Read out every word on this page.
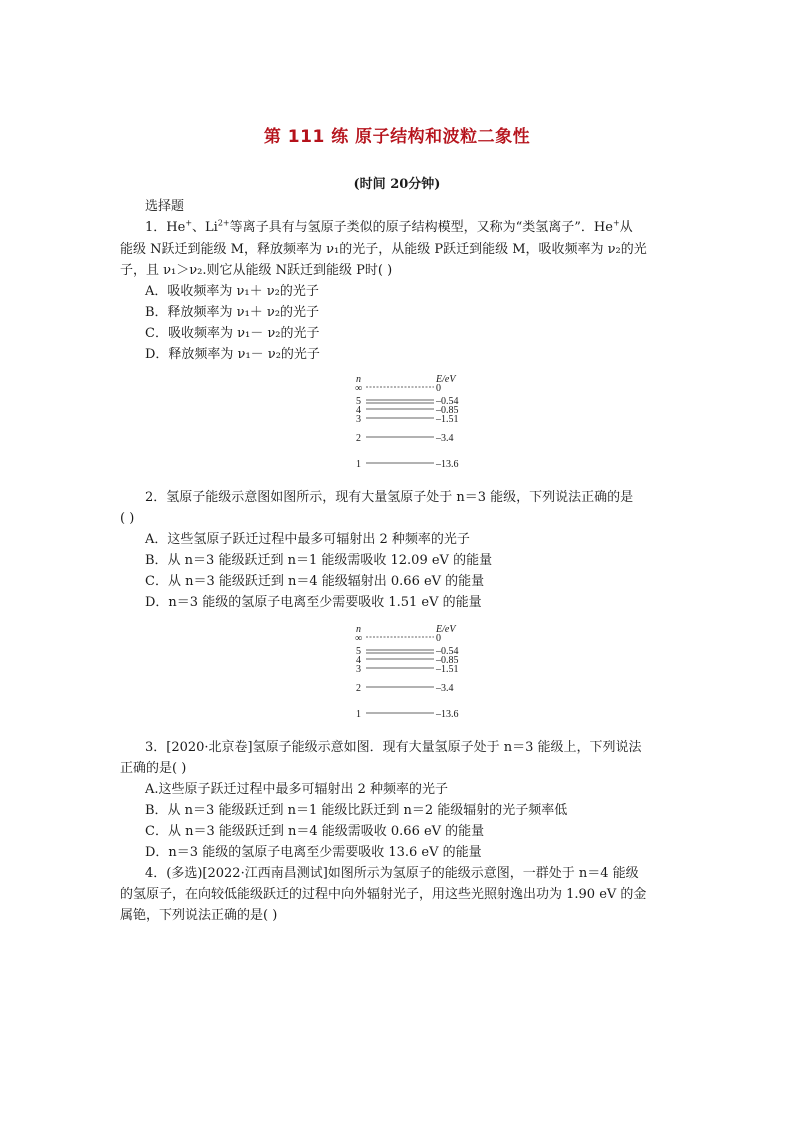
第 111 练 原子结构和波粒二象性
(时间 20分钟)
选择题
1．He+、$Li^{2+}$等离子具有与氢原子类似的原子结构模型，又称为“类氢离子”．He+从
能级 N跃迁到能级 M，释放频率为 ν₁的光子，从能级 P跃迁到能级 M，吸收频率为 ν₂的光
子，且 ν₁＞ν₂.则它从能级 N跃迁到能级 P时( )
A．吸收频率为 ν₁＋ ν₂的光子
B．释放频率为 ν₁＋ ν₂的光子
C．吸收频率为 ν₁－ ν₂的光子
D．释放频率为 ν₁－ ν₂的光子
n	E/eV
∞	0
5	–0.54
4	–0.85
3	–1.51
2	–3.4
1	–13.6
2．氢原子能级示意图如图所示，现有大量氢原子处于 n＝3 能级，下列说法正确的是
( )
A．这些氢原子跃迁过程中最多可辐射出 2 种频率的光子
B．从 n＝3 能级跃迁到 n＝1 能级需吸收 12.09 eV 的能量
C．从 n＝3 能级跃迁到 n＝4 能级辐射出 0.66 eV 的能量
D．n＝3 能级的氢原子电离至少需要吸收 1.51 eV 的能量
n	E/eV
∞	0
5	–0.54
4	–0.85
3	–1.51
2	–3.4
1	–13.6
3．[2020·北京卷]氢原子能级示意如图．现有大量氢原子处于 n＝3 能级上，下列说法
正确的是( )
A.这些原子跃迁过程中最多可辐射出 2 种频率的光子
B．从 n＝3 能级跃迁到 n＝1 能级比跃迁到 n＝2 能级辐射的光子频率低
C．从 n＝3 能级跃迁到 n＝4 能级需吸收 0.66 eV 的能量
D．n＝3 能级的氢原子电离至少需要吸收 13.6 eV 的能量
4．(多选)[2022·江西南昌测试]如图所示为氢原子的能级示意图，一群处于 n＝4 能级
的氢原子，在向较低能级跃迁的过程中向外辐射光子，用这些光照射逸出功为 1.90 eV 的金
属铯，下列说法正确的是( )
